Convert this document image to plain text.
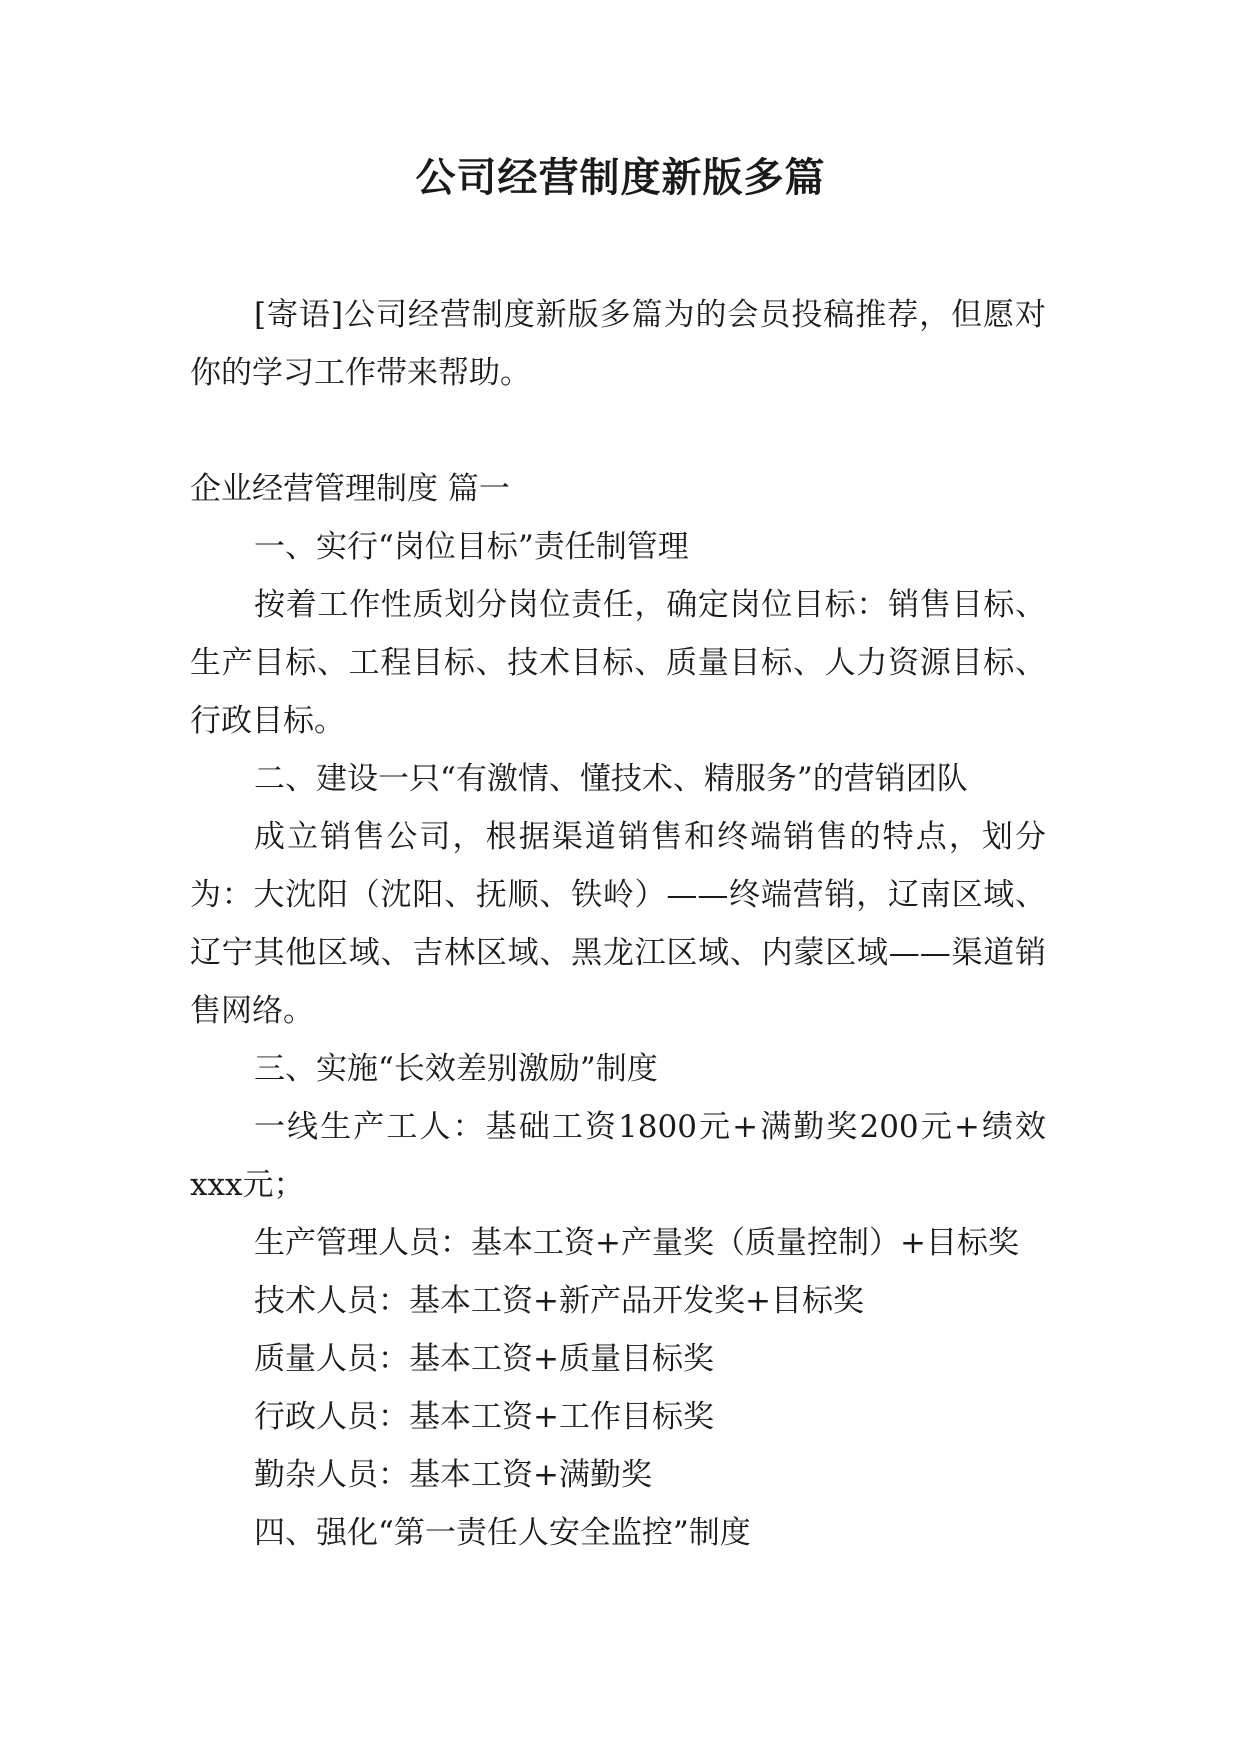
公司经营制度新版多篇

[寄语]公司经营制度新版多篇为的会员投稿推荐，但愿对你的学习工作带来帮助。

企业经营管理制度 篇一

一、实行“岗位目标”责任制管理

按着工作性质划分岗位责任，确定岗位目标：销售目标、生产目标、工程目标、技术目标、质量目标、人力资源目标、行政目标。

二、建设一只“有激情、懂技术、精服务”的营销团队

成立销售公司，根据渠道销售和终端销售的特点，划分为：大沈阳（沈阳、抚顺、铁岭）——终端营销，辽南区域、辽宁其他区域、吉林区域、黑龙江区域、内蒙区域——渠道销售网络。

三、实施“长效差别激励”制度

一线生产工人：基础工资1800元+满勤奖200元+绩效xxx元；

生产管理人员：基本工资+产量奖（质量控制）+目标奖

技术人员：基本工资+新产品开发奖+目标奖

质量人员：基本工资+质量目标奖

行政人员：基本工资+工作目标奖

勤杂人员：基本工资+满勤奖

四、强化“第一责任人安全监控”制度
